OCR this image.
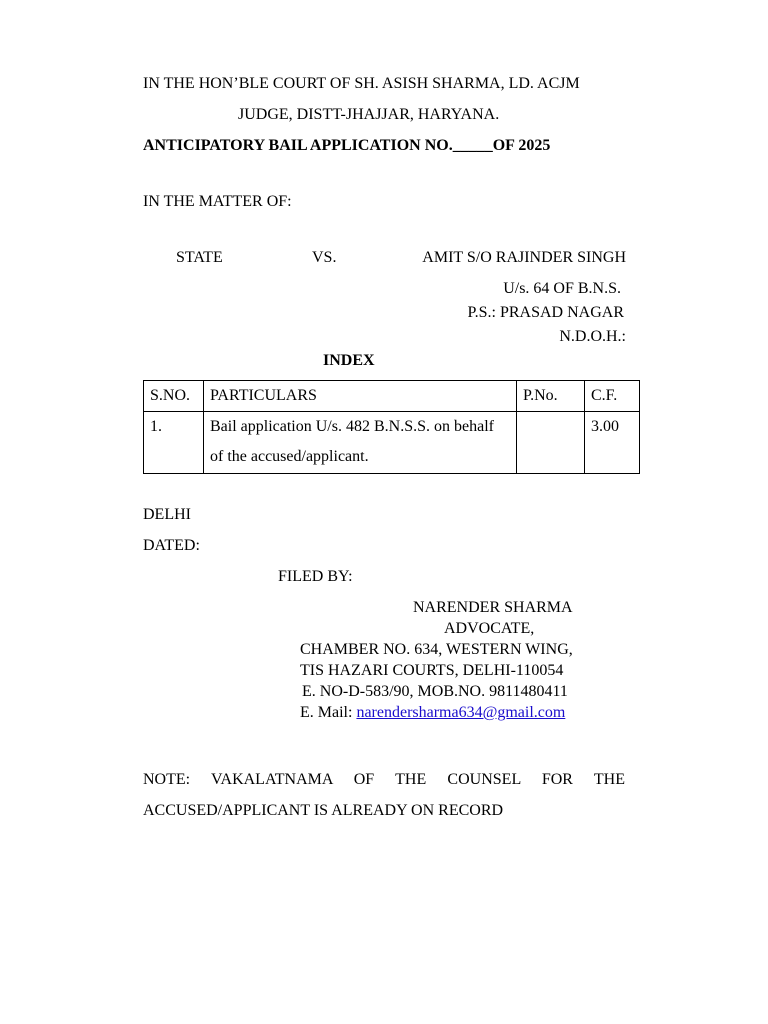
IN THE HON’BLE COURT OF SH. ASISH SHARMA, LD. ACJM
JUDGE, DISTT-JHAJJAR, HARYANA.
ANTICIPATORY BAIL APPLICATION NO._____OF 2025
IN THE MATTER OF:
STATE	VS.	AMIT S/O RAJINDER SINGH
U/s. 64 OF B.N.S.
P.S.: PRASAD NAGAR
N.D.O.H.:
INDEX
S.NO.	PARTICULARS	P.No.	C.F.
1.	Bail application U/s. 482 B.N.S.S. on behalf of the accused/applicant.		3.00
DELHI
DATED:
FILED BY:
NARENDER SHARMA
ADVOCATE,
CHAMBER NO. 634, WESTERN WING,
TIS HAZARI COURTS, DELHI-110054
E. NO-D-583/90, MOB.NO. 9811480411
E. Mail: narendersharma634@gmail.com
NOTE: VAKALATNAMA OF THE COUNSEL FOR THE
ACCUSED/APPLICANT IS ALREADY ON RECORD
